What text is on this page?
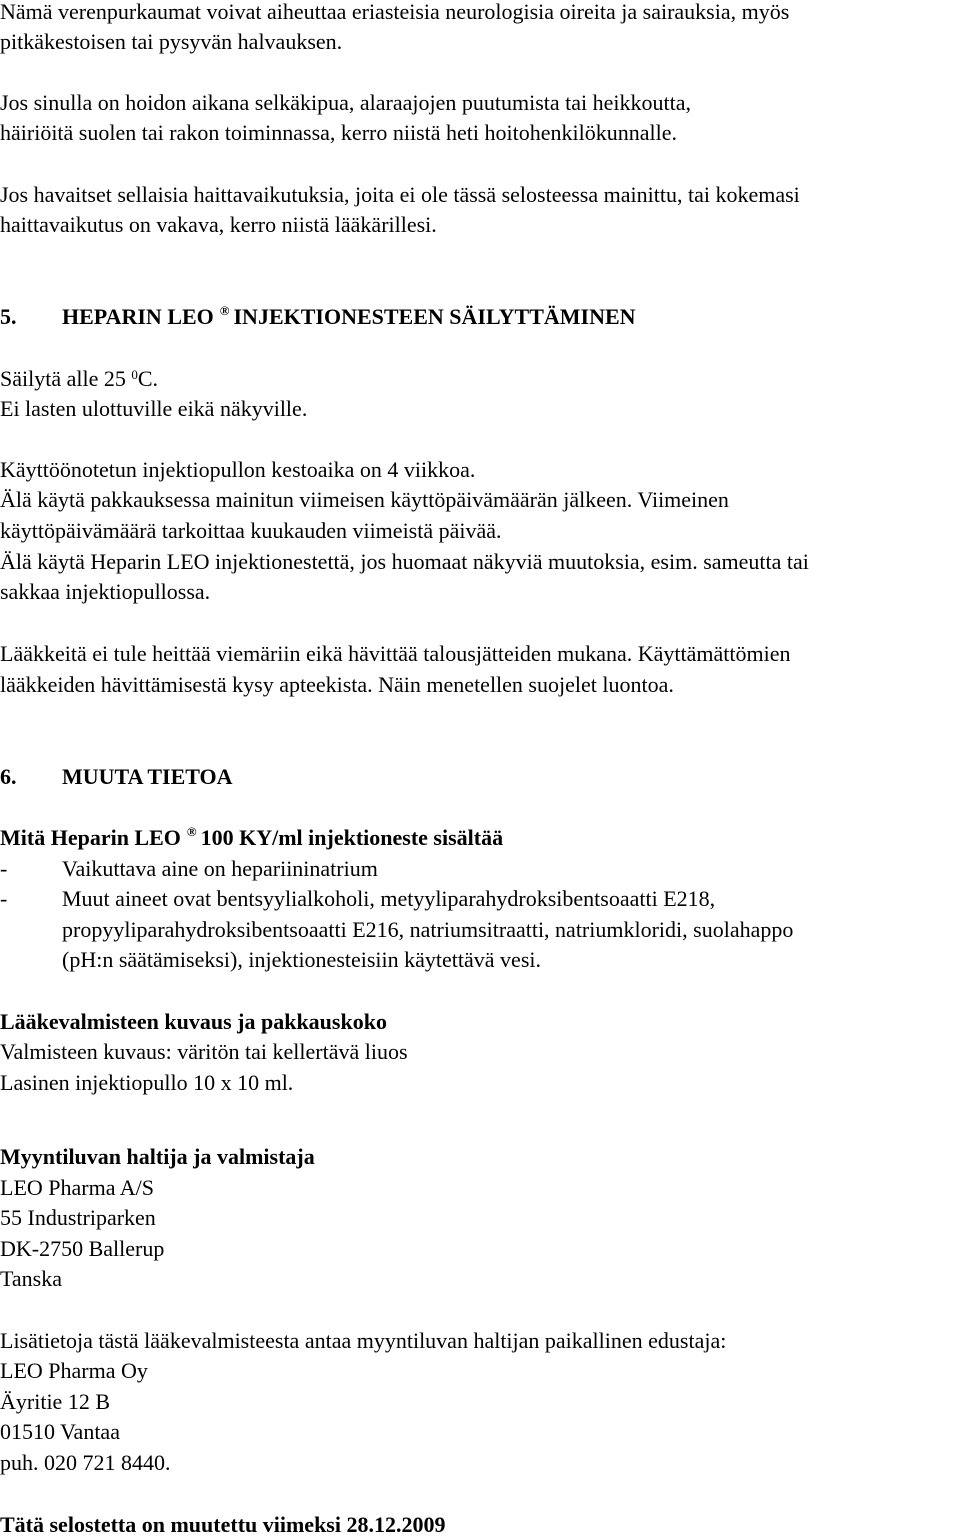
Nämä verenpurkaumat voivat aiheuttaa eriasteisia neurologisia oireita ja sairauksia, myös

pitkäkestoisen tai pysyvän halvauksen.

Jos sinulla on hoidon aikana selkäkipua, alaraajojen puutumista tai heikkoutta,

häiriöitä suolen tai rakon toiminnassa, kerro niistä heti hoitohenkilökunnalle.

Jos havaitset sellaisia haittavaikutuksia, joita ei ole tässä selosteessa mainittu, tai kokemasi

haittavaikutus on vakava, kerro niistä lääkärillesi.

5. HEPARIN LEO ® INJEKTIONESTEEN SÄILYTTÄMINEN

Säilytä alle 25 $^0$C.

Ei lasten ulottuville eikä näkyville.

Käyttöönotetun injektiopullon kestoaika on 4 viikkoa.

Älä käytä pakkauksessa mainitun viimeisen käyttöpäivämäärän jälkeen. Viimeinen

käyttöpäivämäärä tarkoittaa kuukauden viimeistä päivää.

Älä käytä Heparin LEO injektionestettä, jos huomaat näkyviä muutoksia, esim. sameutta tai

sakkaa injektiopullossa.

Lääkkeitä ei tule heittää viemäriin eikä hävittää talousjätteiden mukana. Käyttämättömien

lääkkeiden hävittämisestä kysy apteekista. Näin menetellen suojelet luontoa.

6. MUUTA TIETOA

Mitä Heparin LEO ® 100 KY/ml injektioneste sisältää

- Vaikuttava aine on hepariininatrium

- Muut aineet ovat bentsyylialkoholi, metyyliparahydroksibentsoaatti E218,

propyyliparahydroksibentsoaatti E216, natriumsitraatti, natriumkloridi, suolahappo

(pH:n säätämiseksi), injektionesteisiin käytettävä vesi.

Lääkevalmisteen kuvaus ja pakkauskoko

Valmisteen kuvaus: väritön tai kellertävä liuos

Lasinen injektiopullo 10 x 10 ml.

Myyntiluvan haltija ja valmistaja

LEO Pharma A/S

55 Industriparken

DK-2750 Ballerup

Tanska

Lisätietoja tästä lääkevalmisteesta antaa myyntiluvan haltijan paikallinen edustaja:

LEO Pharma Oy

Äyritie 12 B

01510 Vantaa

puh. 020 721 8440.

Tätä selostetta on muutettu viimeksi 28.12.2009
